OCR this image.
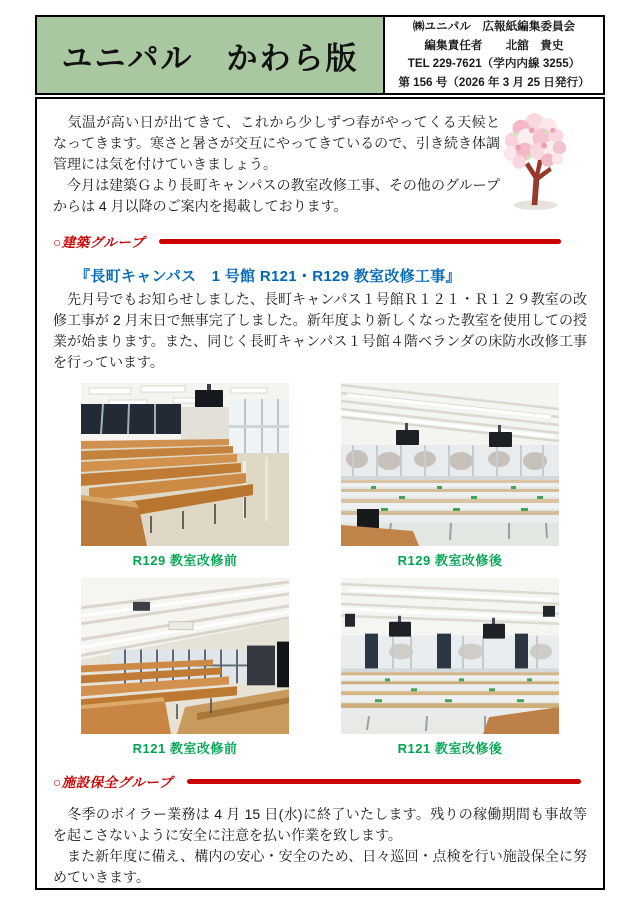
ユニパル　かわら版
㈱ユニパル　広報紙編集委員会
編集責任者　　北舘　貴史
TEL 229-7621（学内内線 3255）
第 156 号（2026 年 3 月 25 日発行）

　気温が高い日が出てきて、これから少しずつ春がやってくる天候となってきます。寒さと暑さが交互にやってきているので、引き続き体調管理には気を付けていきましょう。

　今月は建築Ｇより長町キャンパスの教室改修工事、その他のグループからは 4 月以降のご案内を掲載しております。

○建築グループ
『長町キャンパス　1 号館 R121・R129 教室改修工事』

　先月号でもお知らせしました、長町キャンパス１号館Ｒ１２１・Ｒ１２９教室の改修工事が 2 月末日で無事完了しました。新年度より新しくなった教室を使用しての授業が始まります。また、同じく長町キャンパス１号館４階ベランダの床防水改修工事を行っています。

R129 教室改修前	R129 教室改修後
R121 教室改修前	R121 教室改修後
○施設保全グループ

　冬季のボイラー業務は 4 月 15 日(水)に終了いたします。残りの稼働期間も事故等を起こさないように安全に注意を払い作業を致します。

　また新年度に備え、構内の安心・安全のため、日々巡回・点検を行い施設保全に努めていきます。
